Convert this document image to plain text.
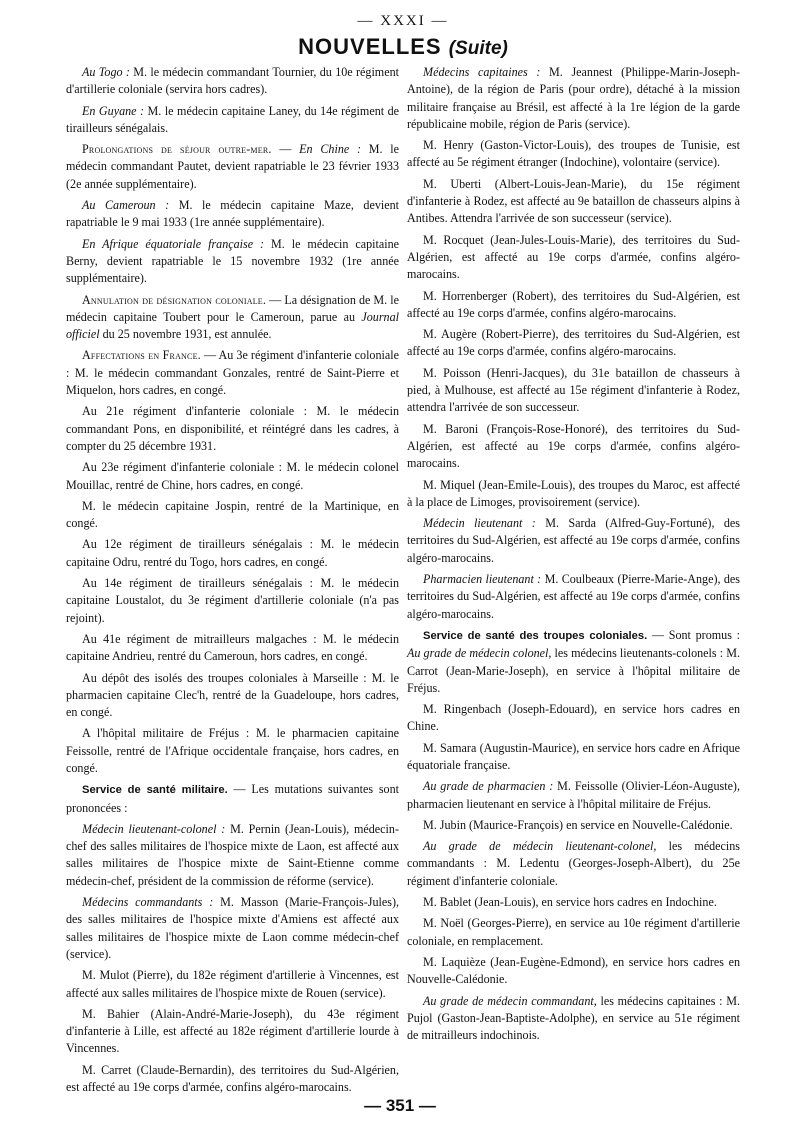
— XXXI —
NOUVELLES (Suite)

Au Togo : M. le médecin commandant Tournier, du 10e régiment d'artillerie coloniale (servira hors cadres).

En Guyane : M. le médecin capitaine Laney, du 14e régiment de tirailleurs sénégalais.

Prolongations de séjour outre-mer. — En Chine : M. le médecin commandant Pautet, devient rapatriable le 23 février 1933 (2e année supplémentaire).

Au Cameroun : M. le médecin capitaine Maze, devient rapatriable le 9 mai 1933 (1re année supplémentaire).

En Afrique équatoriale française : M. le médecin capitaine Berny, devient rapatriable le 15 novembre 1932 (1re année supplémentaire).

Annulation de désignation coloniale. — La désignation de M. le médecin capitaine Toubert pour le Cameroun, parue au Journal officiel du 25 novembre 1931, est annulée.

Affectations en France. — Au 3e régiment d'infanterie coloniale : M. le médecin commandant Gonzales, rentré de Saint-Pierre et Miquelon, hors cadres, en congé.

Au 21e régiment d'infanterie coloniale : M. le médecin commandant Pons, en disponibilité, et réintégré dans les cadres, à compter du 25 décembre 1931.

Au 23e régiment d'infanterie coloniale : M. le médecin colonel Mouillac, rentré de Chine, hors cadres, en congé.

M. le médecin capitaine Jospin, rentré de la Martinique, en congé.

Au 12e régiment de tirailleurs sénégalais : M. le médecin capitaine Odru, rentré du Togo, hors cadres, en congé.

Au 14e régiment de tirailleurs sénégalais : M. le médecin capitaine Loustalot, du 3e régiment d'artillerie coloniale (n'a pas rejoint).

Au 41e régiment de mitrailleurs malgaches : M. le médecin capitaine Andrieu, rentré du Cameroun, hors cadres, en congé.

Au dépôt des isolés des troupes coloniales à Marseille : M. le pharmacien capitaine Clec'h, rentré de la Guadeloupe, hors cadres, en congé.

A l'hôpital militaire de Fréjus : M. le pharmacien capitaine Feissolle, rentré de l'Afrique occidentale française, hors cadres, en congé.

Service de santé militaire. — Les mutations suivantes sont prononcées :

Médecin lieutenant-colonel : M. Pernin (Jean-Louis), médecin-chef des salles militaires de l'hospice mixte de Laon, est affecté aux salles militaires de l'hospice mixte de Saint-Etienne comme médecin-chef, président de la commission de réforme (service).

Médecins commandants : M. Masson (Marie-François-Jules), des salles militaires de l'hospice mixte d'Amiens est affecté aux salles militaires de l'hospice mixte de Laon comme médecin-chef (service).

M. Mulot (Pierre), du 182e régiment d'artillerie à Vincennes, est affecté aux salles militaires de l'hospice mixte de Rouen (service).

M. Bahier (Alain-André-Marie-Joseph), du 43e régiment d'infanterie à Lille, est affecté au 182e régiment d'artillerie lourde à Vincennes.

M. Carret (Claude-Bernardin), des territoires du Sud-Algérien, est affecté au 19e corps d'armée, confins algéro-marocains.

Médecins capitaines : M. Jeannest (Philippe-Marin-Joseph-Antoine), de la région de Paris (pour ordre), détaché à la mission militaire française au Brésil, est affecté à la 1re légion de la garde républicaine mobile, région de Paris (service).

M. Henry (Gaston-Victor-Louis), des troupes de Tunisie, est affecté au 5e régiment étranger (Indochine), volontaire (service).

M. Uberti (Albert-Louis-Jean-Marie), du 15e régiment d'infanterie à Rodez, est affecté au 9e bataillon de chasseurs alpins à Antibes. Attendra l'arrivée de son successeur (service).

M. Rocquet (Jean-Jules-Louis-Marie), des territoires du Sud-Algérien, est affecté au 19e corps d'armée, confins algéro-marocains.

M. Horrenberger (Robert), des territoires du Sud-Algérien, est affecté au 19e corps d'armée, confins algéro-marocains.

M. Augère (Robert-Pierre), des territoires du Sud-Algérien, est affecté au 19e corps d'armée, confins algéro-marocains.

M. Poisson (Henri-Jacques), du 31e bataillon de chasseurs à pied, à Mulhouse, est affecté au 15e régiment d'infanterie à Rodez, attendra l'arrivée de son successeur.

M. Baroni (François-Rose-Honoré), des territoires du Sud-Algérien, est affecté au 19e corps d'armée, confins algéro-marocains.

M. Miquel (Jean-Emile-Louis), des troupes du Maroc, est affecté à la place de Limoges, provisoirement (service).

Médecin lieutenant : M. Sarda (Alfred-Guy-Fortuné), des territoires du Sud-Algérien, est affecté au 19e corps d'armée, confins algéro-marocains.

Pharmacien lieutenant : M. Coulbeaux (Pierre-Marie-Ange), des territoires du Sud-Algérien, est affecté au 19e corps d'armée, confins algéro-marocains.

Service de santé des troupes coloniales. — Sont promus : Au grade de médecin colonel, les médecins lieutenants-colonels : M. Carrot (Jean-Marie-Joseph), en service à l'hôpital militaire de Fréjus.

M. Ringenbach (Joseph-Edouard), en service hors cadres en Chine.

M. Samara (Augustin-Maurice), en service hors cadre en Afrique équatoriale française.

Au grade de pharmacien : M. Feissolle (Olivier-Léon-Auguste), pharmacien lieutenant en service à l'hôpital militaire de Fréjus.

M. Jubin (Maurice-François) en service en Nouvelle-Calédonie.

Au grade de médecin lieutenant-colonel, les médecins commandants : M. Ledentu (Georges-Joseph-Albert), du 25e régiment d'infanterie coloniale.

M. Bablet (Jean-Louis), en service hors cadres en Indochine.

M. Noël (Georges-Pierre), en service au 10e régiment d'artillerie coloniale, en remplacement.

M. Laquièze (Jean-Eugène-Edmond), en service hors cadres en Nouvelle-Calédonie.

Au grade de médecin commandant, les médecins capitaines : M. Pujol (Gaston-Jean-Baptiste-Adolphe), en service au 51e régiment de mitrailleurs indochinois.

— 351 —
